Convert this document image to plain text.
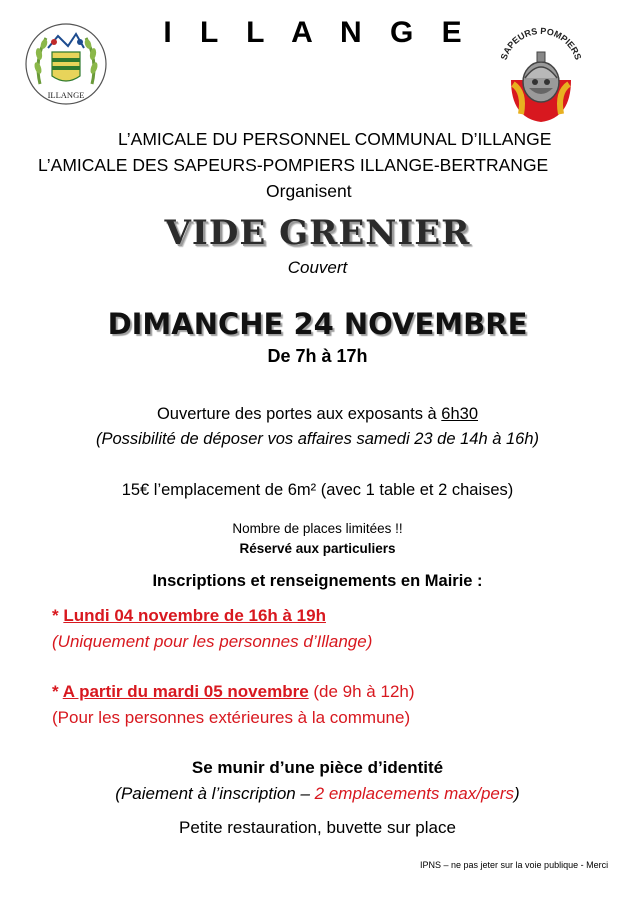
I L L A N G E
ILLANGE
SAPEURS POMPIERS
L’AMICALE DU PERSONNEL COMMUNAL D’ILLANGE
L’AMICALE DES SAPEURS-POMPIERS ILLANGE-BERTRANGE
Organisent
VIDE GRENIER
Couvert
DIMANCHE 24 NOVEMBRE
De 7h à 17h
Ouverture des portes aux exposants à 6h30
(Possibilité de déposer vos affaires samedi 23 de 14h à 16h)
15€ l’emplacement de 6m² (avec 1 table et 2 chaises)
Nombre de places limitées !!
Réservé aux particuliers
Inscriptions et renseignements en Mairie :
* Lundi 04 novembre de 16h à 19h
(Uniquement pour les personnes d’Illange)
* A partir du mardi 05 novembre (de 9h à 12h)
(Pour les personnes extérieures à la commune)
Se munir d’une pièce d’identité
(Paiement à l’inscription – 2 emplacements max/pers)
Petite restauration, buvette sur place
IPNS – ne pas jeter sur la voie publique - Merci
